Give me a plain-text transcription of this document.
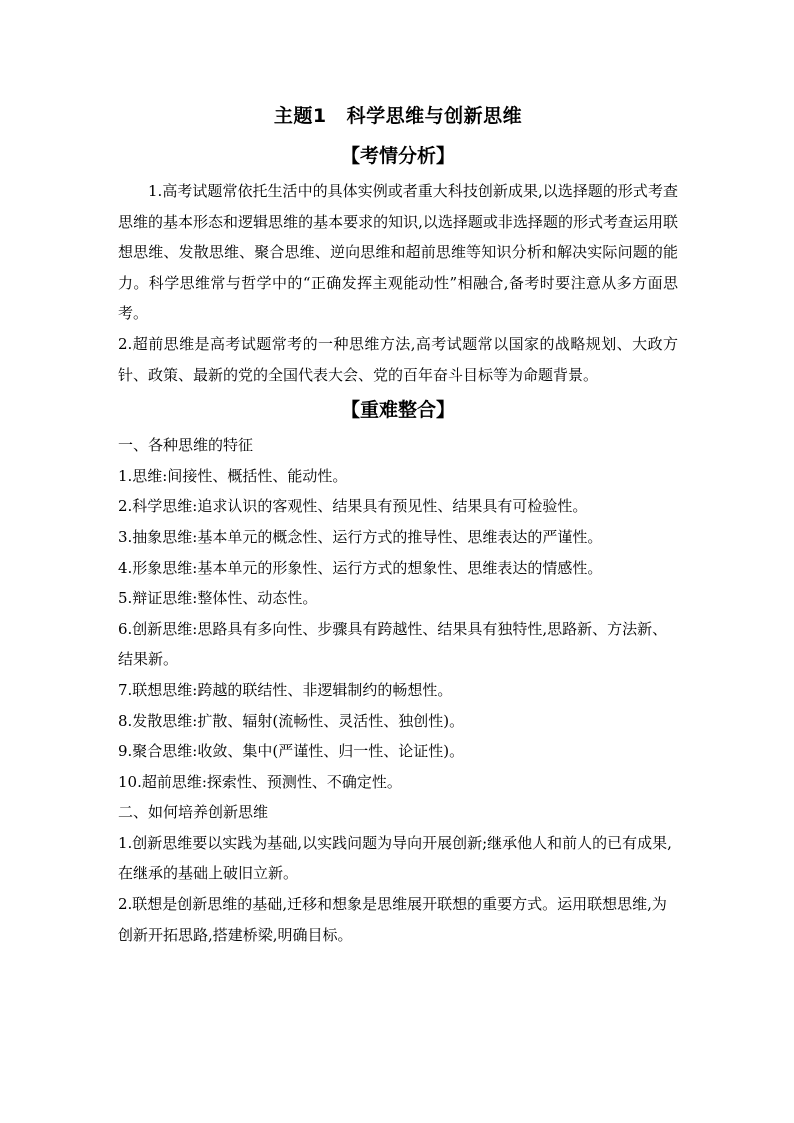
主题1 科学思维与创新思维
【考情分析】

1.高考试题常依托生活中的具体实例或者重大科技创新成果,以选择题的形式考查思维的基本形态和逻辑思维的基本要求的知识,以选择题或非选择题的形式考查运用联想思维、发散思维、聚合思维、逆向思维和超前思维等知识分析和解决实际问题的能力。科学思维常与哲学中的“正确发挥主观能动性”相融合,备考时要注意从多方面思考。

2.超前思维是高考试题常考的一种思维方法,高考试题常以国家的战略规划、大政方针、政策、最新的党的全国代表大会、党的百年奋斗目标等为命题背景。

【重难整合】

一、各种思维的特征

1.思维:间接性、概括性、能动性。

2.科学思维:追求认识的客观性、结果具有预见性、结果具有可检验性。

3.抽象思维:基本单元的概念性、运行方式的推导性、思维表达的严谨性。

4.形象思维:基本单元的形象性、运行方式的想象性、思维表达的情感性。

5.辩证思维:整体性、动态性。

6.创新思维:思路具有多向性、步骤具有跨越性、结果具有独特性,思路新、方法新、结果新。

7.联想思维:跨越的联结性、非逻辑制约的畅想性。

8.发散思维:扩散、辐射(流畅性、灵活性、独创性)。

9.聚合思维:收敛、集中(严谨性、归一性、论证性)。

10.超前思维:探索性、预测性、不确定性。

二、如何培养创新思维

1.创新思维要以实践为基础,以实践问题为导向开展创新;继承他人和前人的已有成果,在继承的基础上破旧立新。

2.联想是创新思维的基础,迁移和想象是思维展开联想的重要方式。运用联想思维,为创新开拓思路,搭建桥梁,明确目标。
